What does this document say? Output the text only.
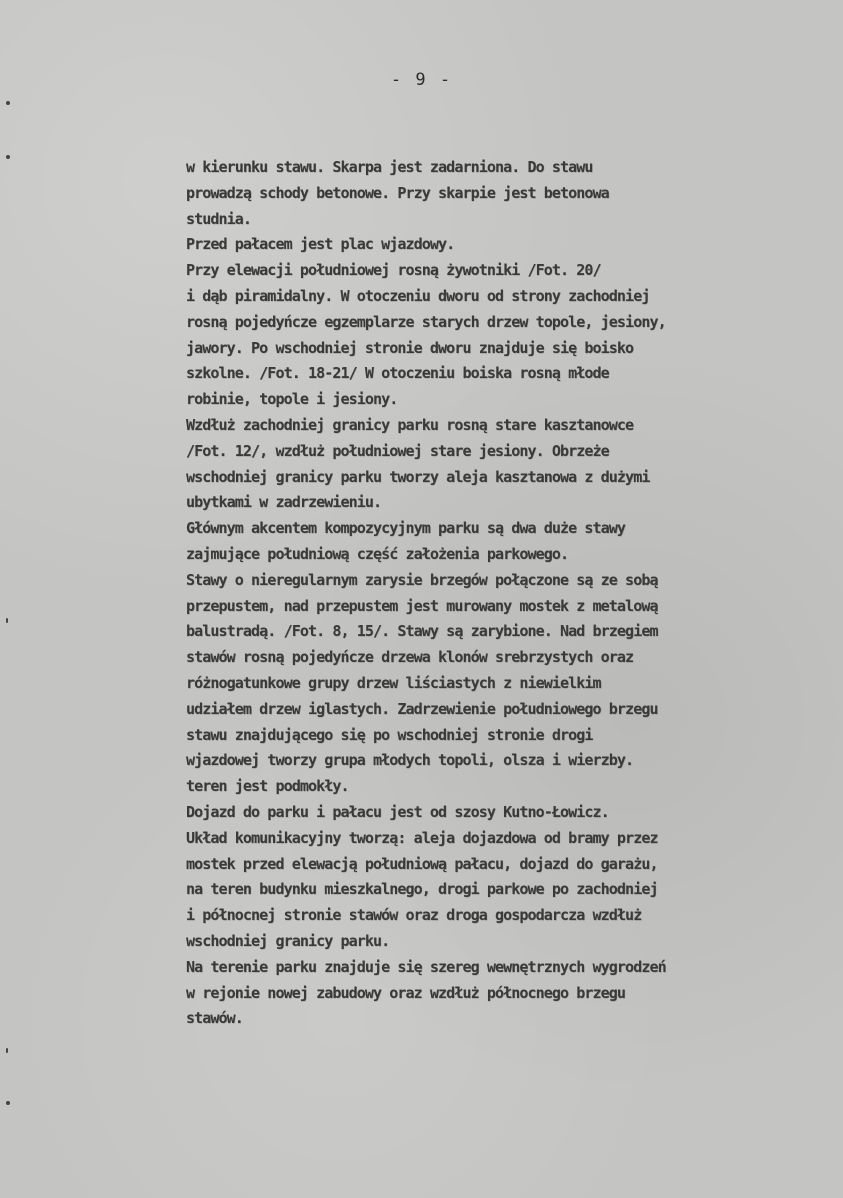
- 9 -
w kierunku stawu. Skarpa jest zadarniona. Do stawu
prowadzą schody betonowe. Przy skarpie jest betonowa
studnia.
Przed pałacem jest plac wjazdowy.
Przy elewacji południowej rosną żywotniki /Fot. 20/
i dąb piramidalny. W otoczeniu dworu od strony zachodniej
rosną pojedyńcze egzemplarze starych drzew topole, jesiony,
jawory. Po wschodniej stronie dworu znajduje się boisko
szkolne. /Fot. 18-21/ W otoczeniu boiska rosną młode
robinie, topole i jesiony.
Wzdłuż zachodniej granicy parku rosną stare kasztanowce
/Fot. 12/, wzdłuż południowej stare jesiony. Obrzeże
wschodniej granicy parku tworzy aleja kasztanowa z dużymi
ubytkami w zadrzewieniu.
Głównym akcentem kompozycyjnym parku są dwa duże stawy
zajmujące południową część założenia parkowego.
Stawy o nieregularnym zarysie brzegów połączone są ze sobą
przepustem, nad przepustem jest murowany mostek z metalową
balustradą. /Fot. 8, 15/. Stawy są zarybione. Nad brzegiem
stawów rosną pojedyńcze drzewa klonów srebrzystych oraz
różnogatunkowe grupy drzew liściastych z niewielkim
udziałem drzew iglastych. Zadrzewienie południowego brzegu
stawu znajdującego się po wschodniej stronie drogi
wjazdowej tworzy grupa młodych topoli, olsza i wierzby.
teren jest podmokły.
Dojazd do parku i pałacu jest od szosy Kutno-Łowicz.
Układ komunikacyjny tworzą: aleja dojazdowa od bramy przez
mostek przed elewacją południową pałacu, dojazd do garażu,
na teren budynku mieszkalnego, drogi parkowe po zachodniej
i północnej stronie stawów oraz droga gospodarcza wzdłuż
wschodniej granicy parku.
Na terenie parku znajduje się szereg wewnętrznych wygrodzeń
w rejonie nowej zabudowy oraz wzdłuż północnego brzegu
stawów.
